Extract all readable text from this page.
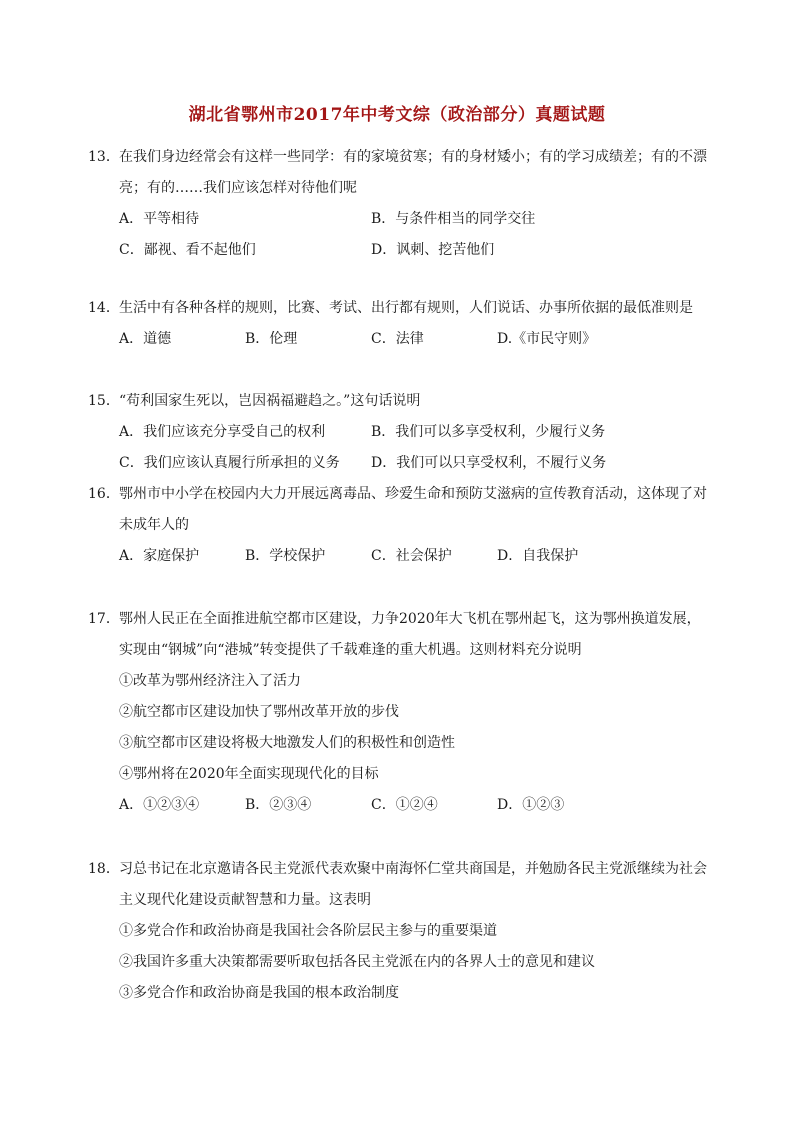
湖北省鄂州市2017年中考文综（政治部分）真题试题
13．在我们身边经常会有这样一些同学：有的家境贫寒；有的身材矮小；有的学习成绩差；有的不漂亮；有的……我们应该怎样对待他们呢
A．平等相待	B．与条件相当的同学交往
C．鄙视、看不起他们	D．讽刺、挖苦他们
14．生活中有各种各样的规则，比赛、考试、出行都有规则，人们说话、办事所依据的最低准则是
A．道德	B．伦理	C．法律	D.《市民守则》
15．“苟利国家生死以，岂因祸福避趋之。”这句话说明
A．我们应该充分享受自己的权利	B．我们可以多享受权利，少履行义务
C．我们应该认真履行所承担的义务	D．我们可以只享受权利，不履行义务
16．鄂州市中小学在校园内大力开展远离毒品、珍爱生命和预防艾滋病的宣传教育活动，这体现了对未成年人的
A．家庭保护	B．学校保护	C．社会保护	D．自我保护
17．鄂州人民正在全面推进航空都市区建设，力争2020年大飞机在鄂州起飞，这为鄂州换道发展，实现由“钢城”向“港城”转变提供了千载难逢的重大机遇。这则材料充分说明
①改革为鄂州经济注入了活力
②航空都市区建设加快了鄂州改革开放的步伐
③航空都市区建设将极大地激发人们的积极性和创造性
④鄂州将在2020年全面实现现代化的目标
A．①②③④	B．②③④	C．①②④	D．①②③
18．习总书记在北京邀请各民主党派代表欢聚中南海怀仁堂共商国是，并勉励各民主党派继续为社会主义现代化建设贡献智慧和力量。这表明
①多党合作和政治协商是我国社会各阶层民主参与的重要渠道
②我国许多重大决策都需要听取包括各民主党派在内的各界人士的意见和建议
③多党合作和政治协商是我国的根本政治制度
